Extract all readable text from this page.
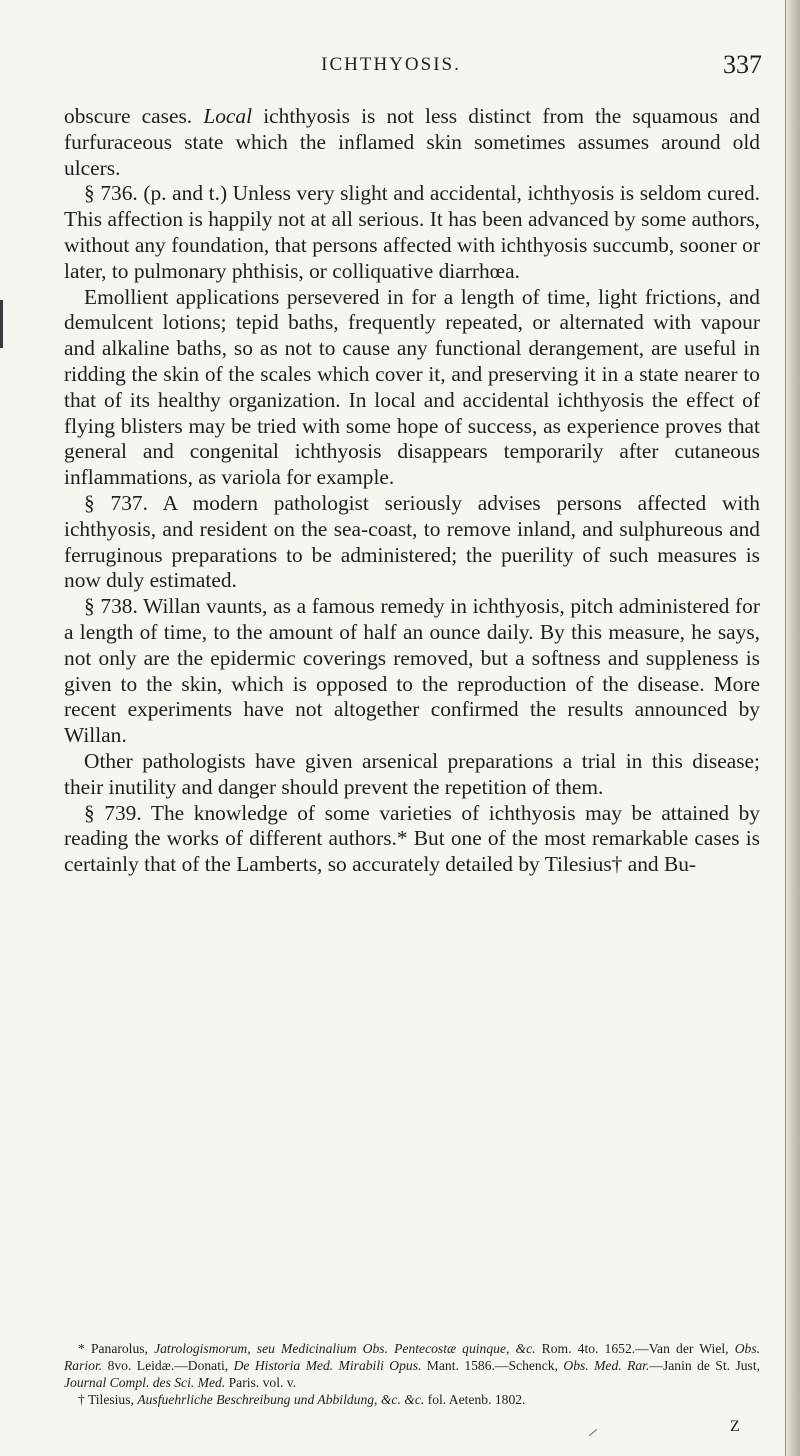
ICHTHYOSIS.	337

obscure cases. Local ichthyosis is not less distinct from the squamous and furfuraceous state which the inflamed skin sometimes assumes around old ulcers.

§ 736. (p. and t.) Unless very slight and accidental, ichthyosis is seldom cured. This affection is happily not at all serious. It has been advanced by some authors, without any foundation, that persons affected with ichthyosis succumb, sooner or later, to pulmonary phthisis, or colliquative diarrhœa.

Emollient applications persevered in for a length of time, light frictions, and demulcent lotions; tepid baths, frequently repeated, or alternated with vapour and alkaline baths, so as not to cause any functional derangement, are useful in ridding the skin of the scales which cover it, and preserving it in a state nearer to that of its healthy organization. In local and accidental ichthyosis the effect of flying blisters may be tried with some hope of success, as experience proves that general and congenital ichthyosis disappears temporarily after cutaneous inflammations, as variola for example.

§ 737. A modern pathologist seriously advises persons affected with ichthyosis, and resident on the sea-coast, to remove inland, and sulphureous and ferruginous preparations to be administered; the puerility of such measures is now duly estimated.

§ 738. Willan vaunts, as a famous remedy in ichthyosis, pitch administered for a length of time, to the amount of half an ounce daily. By this measure, he says, not only are the epidermic coverings removed, but a softness and suppleness is given to the skin, which is opposed to the reproduction of the disease. More recent experiments have not altogether confirmed the results announced by Willan.

Other pathologists have given arsenical preparations a trial in this disease; their inutility and danger should prevent the repetition of them.

§ 739. The knowledge of some varieties of ichthyosis may be attained by reading the works of different authors.* But one of the most remarkable cases is certainly that of the Lamberts, so accurately detailed by Tilesius† and Bu-

* Panarolus, Jatrologismorum, seu Medicinalium Obs. Pentecostæ quinque, &c. Rom. 4to. 1652.—Van der Wiel, Obs. Rarior. 8vo. Leidæ.—Donati, De Historia Med. Mirabili Opus. Mant. 1586.—Schenck, Obs. Med. Rar.—Janin de St. Just, Journal Compl. des Sci. Med. Paris. vol. v.

† Tilesius, Ausfuehrliche Beschreibung und Abbildung, &c. &c. fol. Aetenb. 1802.

Z
